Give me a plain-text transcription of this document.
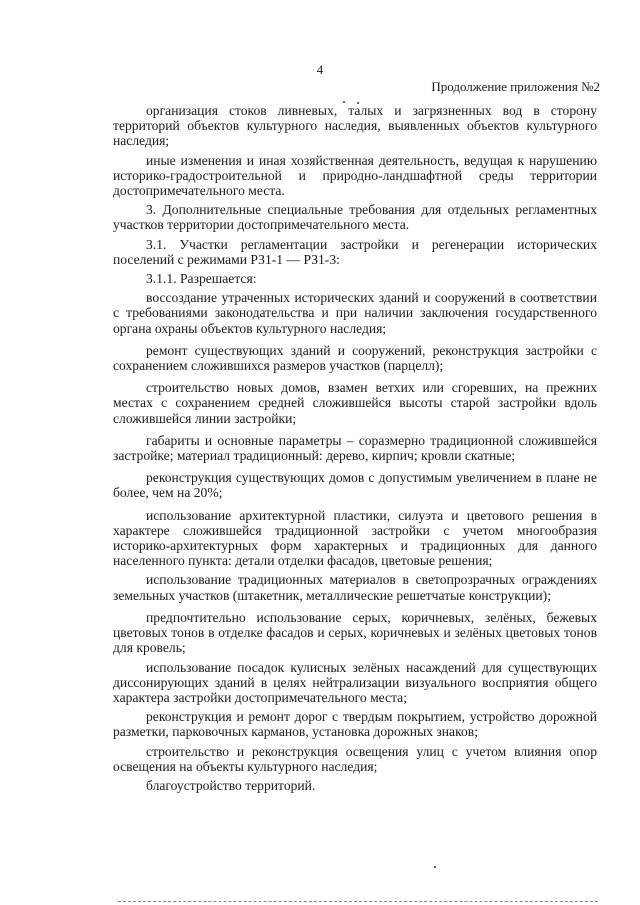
4
Продолжение приложения №2

организация стоков ливневых, талых и загрязненных вод в сторону территорий объектов культурного наследия, выявленных объектов культурного наследия;

иные изменения и иная хозяйственная деятельность, ведущая к нарушению историко-градостроительной и природно-ландшафтной среды территории достопримечательного места.

3. Дополнительные специальные требования для отдельных регламентных участков территории достопримечательного места.

3.1. Участки регламентации застройки и регенерации исторических поселений с режимами РЗ1-1 — РЗ1-3:

3.1.1. Разрешается:

воссоздание утраченных исторических зданий и сооружений в соответствии с требованиями законодательства и при наличии заключения государственного органа охраны объектов культурного наследия;

ремонт существующих зданий и сооружений, реконструкция застройки с сохранением сложившихся размеров участков (парцелл);

строительство новых домов, взамен ветхих или сгоревших, на прежних местах с сохранением средней сложившейся высоты старой застройки вдоль сложившейся линии застройки;

габариты и основные параметры – соразмерно традиционной сложившейся застройке; материал традиционный: дерево, кирпич; кровли скатные;

реконструкция существующих домов с допустимым увеличением в плане не более, чем на 20%;

использование архитектурной пластики, силуэта и цветового решения в характере сложившейся традиционной застройки с учетом многообразия историко-архитектурных форм характерных и традиционных для данного населенного пункта: детали отделки фасадов, цветовые решения;

использование традиционных материалов в светопрозрачных ограждениях земельных участков (штакетник, металлические решетчатые конструкции);

предпочтительно использование серых, коричневых, зелёных, бежевых цветовых тонов в отделке фасадов и серых, коричневых и зелёных цветовых тонов для кровель;

использование посадок кулисных зелёных насаждений для существующих диссонирующих зданий в целях нейтрализации визуального восприятия общего характера застройки достопримечательного места;

реконструкция и ремонт дорог с твердым покрытием, устройство дорожной разметки, парковочных карманов, установка дорожных знаков;

строительство и реконструкция освещения улиц с учетом влияния опор освещения на объекты культурного наследия;

благоустройство территорий.
